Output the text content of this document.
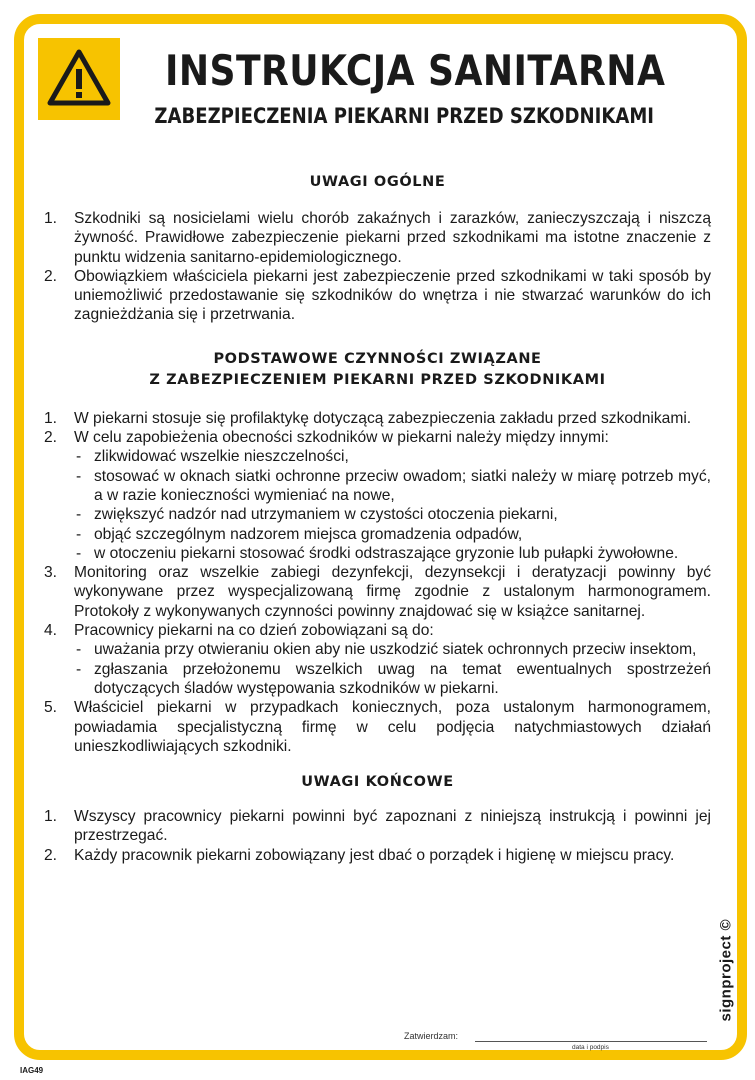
INSTRUKCJA SANITARNA
ZABEZPIECZENIA PIEKARNI PRZED SZKODNIKAMI
UWAGI OGÓLNE
1. Szkodniki są nosicielami wielu chorób zakaźnych i zarazków, zanieczyszczają i niszczą żywność. Prawidłowe zabezpieczenie piekarni przed szkodnikami ma istotne znaczenie z punktu widzenia sanitarno-epidemiologicznego.
2. Obowiązkiem właściciela piekarni jest zabezpieczenie przed szkodnikami w taki sposób by uniemożliwić przedostawanie się szkodników do wnętrza i nie stwarzać warunków do ich zagnieżdżania się i przetrwania.
PODSTAWOWE CZYNNOŚCI ZWIĄZANE
Z ZABEZPIECZENIEM PIEKARNI PRZED SZKODNIKAMI
1. W piekarni stosuje się profilaktykę dotyczącą zabezpieczenia zakładu przed szkodnikami.
2. W celu zapobieżenia obecności szkodników w piekarni należy między innymi:
- zlikwidować wszelkie nieszczelności,
- stosować w oknach siatki ochronne przeciw owadom; siatki należy w miarę potrzeb myć, a w razie konieczności wymieniać na nowe,
- zwiększyć nadzór nad utrzymaniem w czystości otoczenia piekarni,
- objąć szczególnym nadzorem miejsca gromadzenia odpadów,
- w otoczeniu piekarni stosować środki odstraszające gryzonie lub pułapki żywołowne.
3. Monitoring oraz wszelkie zabiegi dezynfekcji, dezynsekcji i deratyzacji powinny być wykonywane przez wyspecjalizowaną firmę zgodnie z ustalonym harmonogramem. Protokoły z wykonywanych czynności powinny znajdować się w książce sanitarnej.
4. Pracownicy piekarni na co dzień zobowiązani są do:
- uważania przy otwieraniu okien aby nie uszkodzić siatek ochronnych przeciw insektom,
- zgłaszania przełożonemu wszelkich uwag na temat ewentualnych spostrzeżeń dotyczących śladów występowania szkodników w piekarni.
5. Właściciel piekarni w przypadkach koniecznych, poza ustalonym harmonogramem, powiadamia specjalistyczną firmę w celu podjęcia natychmiastowych działań unieszkodliwiających szkodniki.
UWAGI KOŃCOWE
1. Wszyscy pracownicy piekarni powinni być zapoznani z niniejszą instrukcją i powinni jej przestrzegać.
2. Każdy pracownik piekarni zobowiązany jest dbać o porządek i higienę w miejscu pracy.
Zatwierdzam:
data i podpis
IAG49
signproject ©
